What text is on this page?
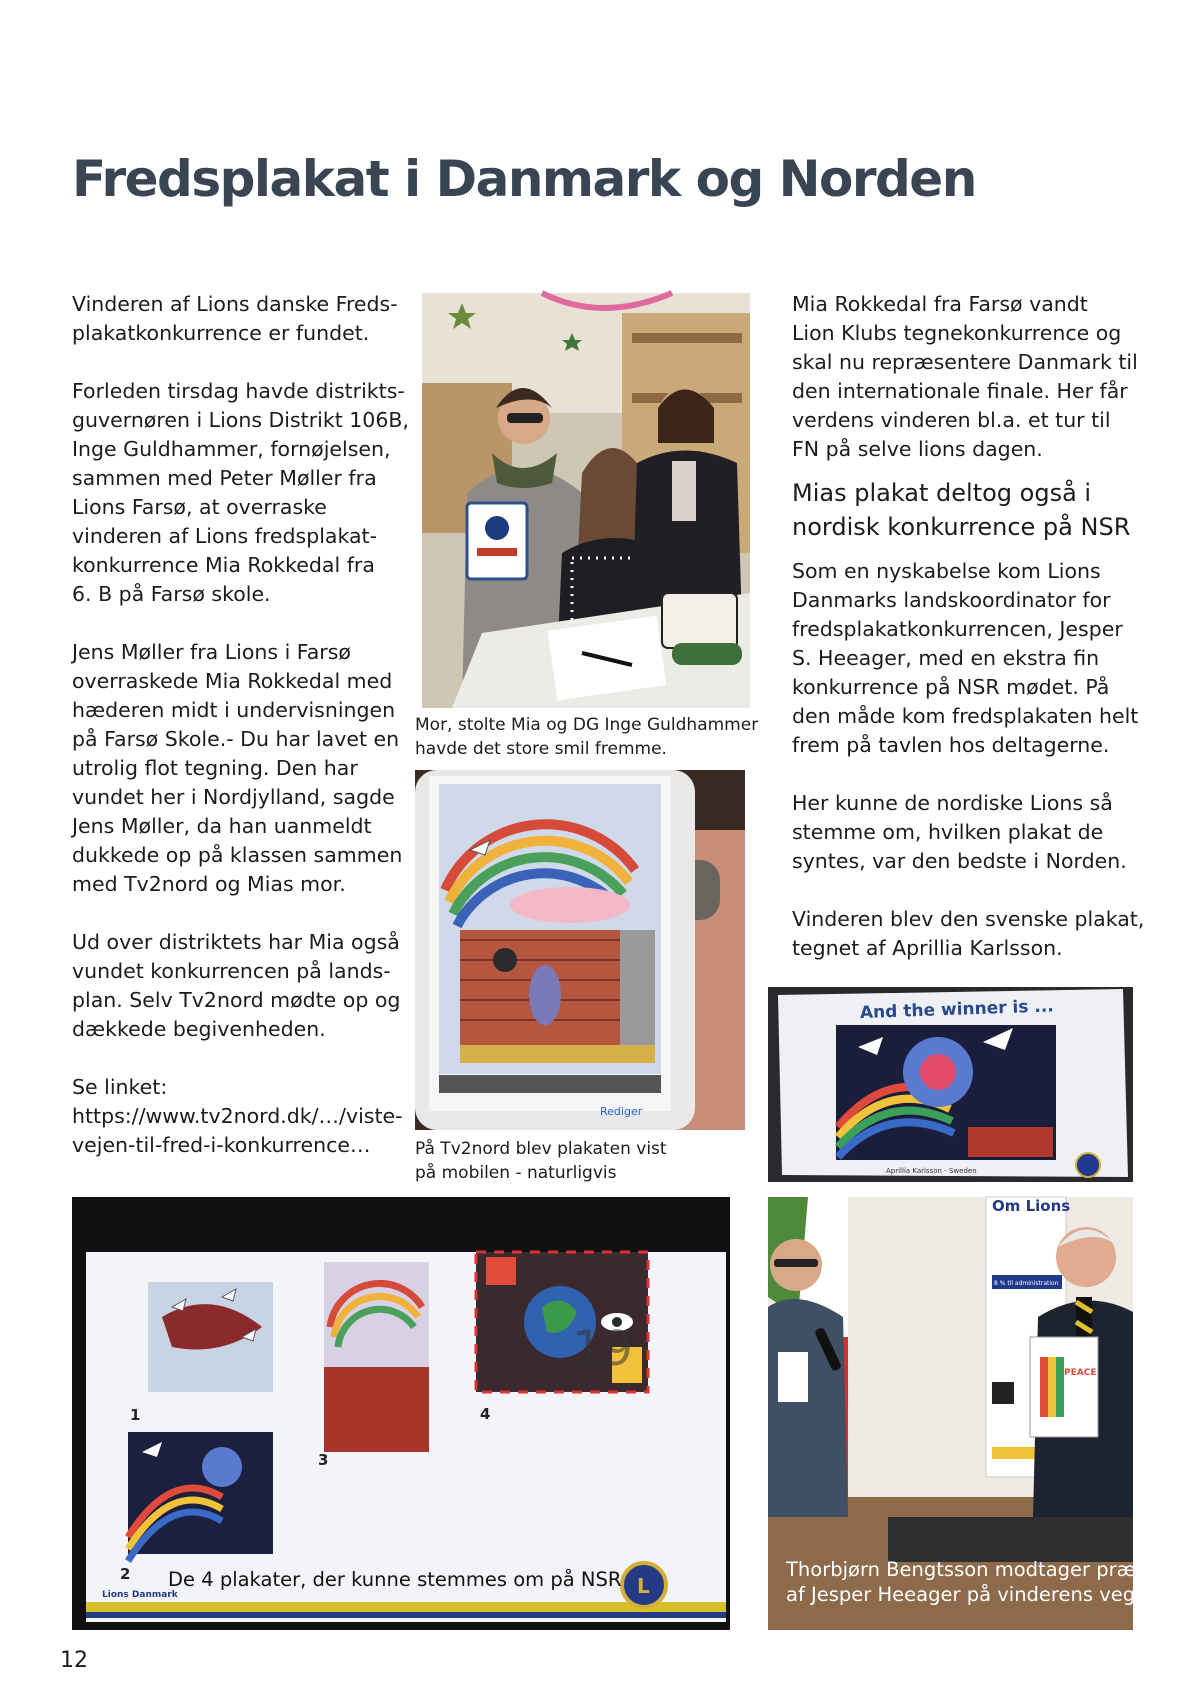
Fredsplakat i Danmark og Norden

Vinderen af Lions danske Freds-
plakatkonkurrence er fundet.

Forleden tirsdag havde distrikts-
guvernøren i Lions Distrikt 106B,
Inge Guldhammer, fornøjelsen,
sammen med Peter Møller fra
Lions Farsø, at overraske
vinderen af Lions fredsplakat-
konkurrence Mia Rokkedal fra
6. B på Farsø skole.

Jens Møller fra Lions i Farsø
overraskede Mia Rokkedal med
hæderen midt i undervisningen
på Farsø Skole.- Du har lavet en
utrolig flot tegning. Den har
vundet her i Nordjylland, sagde
Jens Møller, da han uanmeldt
dukkede op på klassen sammen
med Tv2nord og Mias mor.

Ud over distriktets har Mia også
vundet konkurrencen på lands-
plan. Selv Tv2nord mødte op og
dækkede begivenheden.

Se linket:
https://www.tv2nord.dk/…/viste-
vejen-til-fred-i-konkurrence…

Mor, stolte Mia og DG Inge Guldhammer
havde det store smil fremme.
Rediger
På Tv2nord blev plakaten vist
på mobilen - naturligvis

Mia Rokkedal fra Farsø vandt
Lion Klubs tegnekonkurrence og
skal nu repræsentere Danmark til
den internationale finale. Her får
verdens vinderen bl.a. et tur til
FN på selve lions dagen.

Mias plakat deltog også i
nordisk konkurrence på NSR

Som en nyskabelse kom Lions
Danmarks landskoordinator for
fredsplakatkonkurrencen, Jesper
S. Heeager, med en ekstra fin
konkurrence på NSR mødet. På
den måde kom fredsplakaten helt
frem på tavlen hos deltagerne.

Her kunne de nordiske Lions så
stemme om, hvilken plakat de
syntes, var den bedste i Norden.

Vinderen blev den svenske plakat,
tegnet af Aprillia Karlsson.

And the winner is ...
Aprillia Karlsson - Sweden
1
2
3
4
19
Lions Danmark	L
De 4 plakater, der kunne stemmes om på NSR
Om Lions
8 % til administration
PEACE
Thorbjørn Bengtsson modtager præmien
af Jesper Heeager på vinderens vegne
12
